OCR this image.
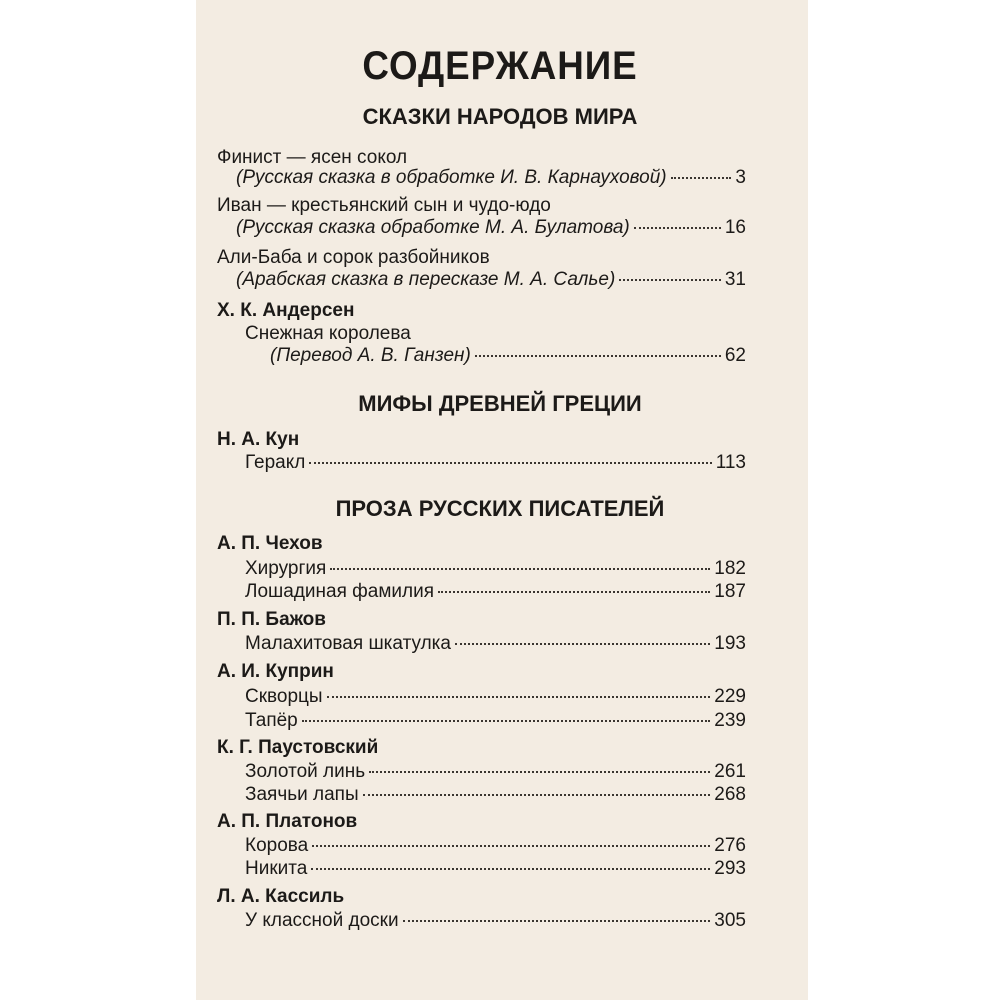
СОДЕРЖАНИЕ
СКАЗКИ НАРОДОВ МИРА
Финист — ясен сокол
(Русская сказка в обработке И. В. Карнауховой)	3
Иван — крестьянский сын и чудо-юдо
(Русская сказка обработке М. А. Булатова)	16
Али-Баба и сорок разбойников
(Арабская сказка в пересказе М. А. Салье)	31
Х. К. Андерсен
Снежная королева
(Перевод А. В. Ганзен)	62
МИФЫ ДРЕВНЕЙ ГРЕЦИИ
Н. А. Кун
Геракл	113
ПРОЗА РУССКИХ ПИСАТЕЛЕЙ
А. П. Чехов
Хирургия	182
Лошадиная фамилия	187
П. П. Бажов
Малахитовая шкатулка	193
А. И. Куприн
Скворцы	229
Тапёр	239
К. Г. Паустовский
Золотой линь	261
Заячьи лапы	268
А. П. Платонов
Корова	276
Никита	293
Л. А. Кассиль
У классной доски	305
